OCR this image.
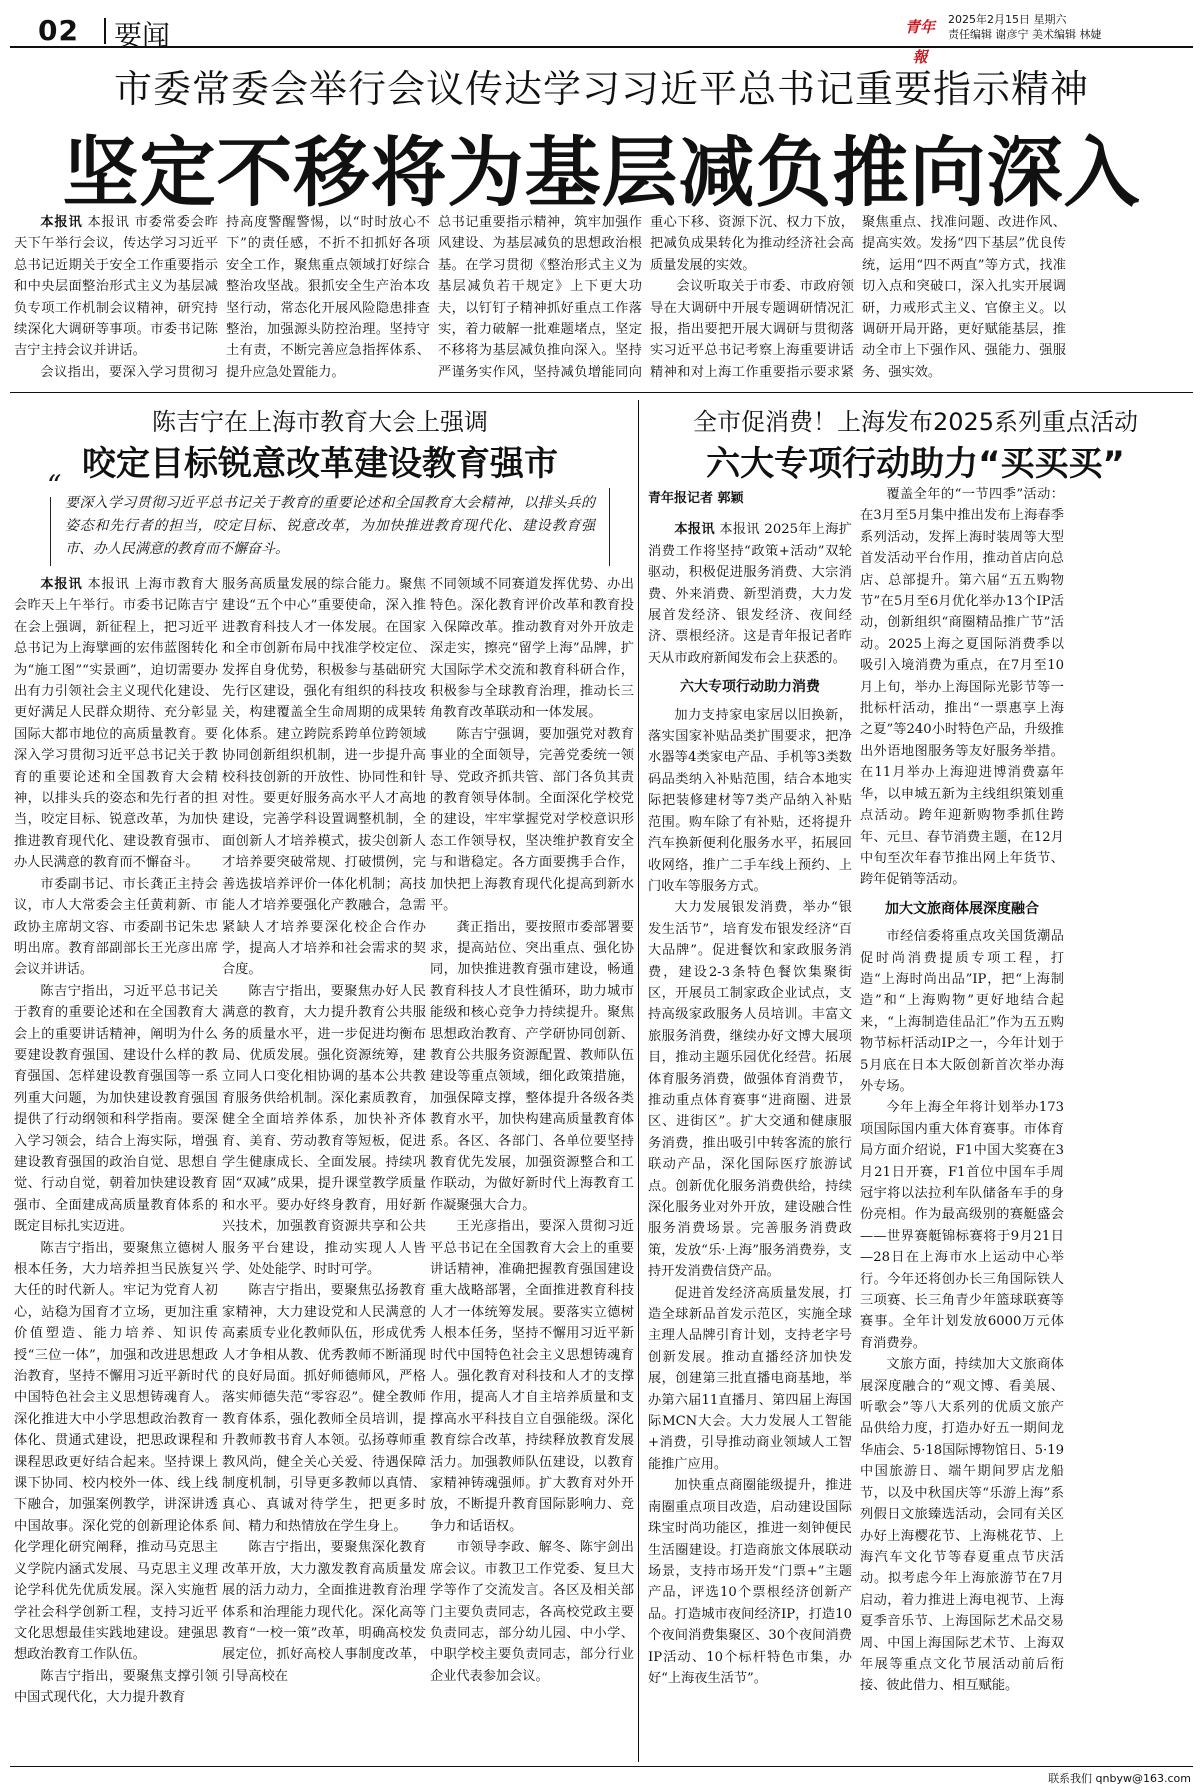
02 要闻	青年報
2025年2月15日 星期六
责任编辑 谢彦宁 美术编辑 林婕
市委常委会举行会议传达学习习近平总书记重要指示精神
坚定不移将为基层减负推向深入

本报讯 本报讯 市委常委会昨天下午举行会议，传达学习习近平总书记近期关于安全工作重要指示和中央层面整治形式主义为基层减负专项工作机制会议精神，研究持续深化大调研等事项。市委书记陈吉宁主持会议并讲话。

会议指出，要深入学习贯彻习

持高度警醒警惕，以“时时放心不下”的责任感，不折不扣抓好各项安全工作，聚焦重点领域打好综合整治攻坚战。狠抓安全生产治本攻坚行动，常态化开展风险隐患排查整治，加强源头防控治理。坚持守土有责，不断完善应急指挥体系、提升应急处置能力。

总书记重要指示精神，筑牢加强作风建设、为基层减负的思想政治根基。在学习贯彻《整治形式主义为基层减负若干规定》上下更大功夫，以钉钉子精神抓好重点工作落实，着力破解一批难题堵点，坚定不移将为基层减负推向深入。坚持严谨务实作风，坚持减负增能同向

重心下移、资源下沉、权力下放，把减负成果转化为推动经济社会高质量发展的实效。

会议听取关于市委、市政府领导在大调研中开展专题调研情况汇报，指出要把开展大调研与贯彻落实习近平总书记考察上海重要讲话精神和对上海工作重要指示要求紧

聚焦重点、找准问题、改进作风、提高实效。发扬“四下基层”优良传统，运用“四不两直”等方式，找准切入点和突破口，深入扎实开展调研，力戒形式主义、官僚主义。以调研开局开路，更好赋能基层，推动全市上下强作风、强能力、强服务、强实效。

陈吉宁在上海市教育大会上强调
咬定目标锐意改革建设教育强市
“
要深入学习贯彻习近平总书记关于教育的重要论述和全国教育大会精神，以排头兵的姿态和先行者的担当，咬定目标、锐意改革，为加快推进教育现代化、建设教育强市、办人民满意的教育而不懈奋斗。

本报讯 本报讯 上海市教育大会昨天上午举行。市委书记陈吉宁在会上强调，新征程上，把习近平总书记为上海擘画的宏伟蓝图转化为“施工图”“实景画”，迫切需要办出有力引领社会主义现代化建设、更好满足人民群众期待、充分彰显国际大都市地位的高质量教育。要深入学习贯彻习近平总书记关于教育的重要论述和全国教育大会精神，以排头兵的姿态和先行者的担当，咬定目标、锐意改革，为加快推进教育现代化、建设教育强市、办人民满意的教育而不懈奋斗。

市委副书记、市长龚正主持会议，市人大常委会主任黄莉新、市政协主席胡文容、市委副书记朱忠明出席。教育部副部长王光彦出席会议并讲话。

陈吉宁指出，习近平总书记关于教育的重要论述和在全国教育大会上的重要讲话精神，阐明为什么要建设教育强国、建设什么样的教育强国、怎样建设教育强国等一系列重大问题，为加快建设教育强国提供了行动纲领和科学指南。要深入学习领会，结合上海实际，增强建设教育强国的政治自觉、思想自觉、行动自觉，朝着加快建设教育强市、全面建成高质量教育体系的既定目标扎实迈进。

陈吉宁指出，要聚焦立德树人根本任务，大力培养担当民族复兴大任的时代新人。牢记为党育人初心，站稳为国育才立场，更加注重价值塑造、能力培养、知识传授“三位一体”，加强和改进思想政治教育，坚持不懈用习近平新时代中国特色社会主义思想铸魂育人。深化推进大中小学思想政治教育一体化、贯通式建设，把思政课程和课程思政更好结合起来。坚持课上课下协同、校内校外一体、线上线下融合，加强案例教学，讲深讲透中国故事。深化党的创新理论体系化学理化研究阐释，推动马克思主义学院内涵式发展、马克思主义理论学科优先优质发展。深入实施哲学社会科学创新工程，支持习近平文化思想最佳实践地建设。建强思想政治教育工作队伍。

陈吉宁指出，要聚焦支撑引领中国式现代化，大力提升教育

服务高质量发展的综合能力。聚焦建设“五个中心”重要使命，深入推进教育科技人才一体发展。在国家和全市创新布局中找准学校定位、发挥自身优势，积极参与基础研究先行区建设，强化有组织的科技攻关，构建覆盖全生命周期的成果转化体系。建立跨院系跨单位跨领域协同创新组织机制，进一步提升高校科技创新的开放性、协同性和针对性。要更好服务高水平人才高地建设，完善学科设置调整机制，全面创新人才培养模式，拔尖创新人才培养要突破常规、打破惯例，完善选拔培养评价一体化机制；高技能人才培养要强化产教融合，急需紧缺人才培养要深化校企合作办学，提高人才培养和社会需求的契合度。

陈吉宁指出，要聚焦办好人民满意的教育，大力提升教育公共服务的质量水平，进一步促进均衡布局、优质发展。强化资源统筹，建立同人口变化相协调的基本公共教育服务供给机制。深化素质教育，健全全面培养体系，加快补齐体育、美育、劳动教育等短板，促进学生健康成长、全面发展。持续巩固“双减”成果，提升课堂教学质量和水平。要办好终身教育，用好新兴技术，加强教育资源共享和公共服务平台建设，推动实现人人皆学、处处能学、时时可学。

陈吉宁指出，要聚焦弘扬教育家精神，大力建设党和人民满意的高素质专业化教师队伍，形成优秀人才争相从教、优秀教师不断涌现的良好局面。抓好师德师风，严格落实师德失范“零容忍”。健全教师教育体系，强化教师全员培训，提升教师教书育人本领。弘扬尊师重教风尚，健全关心关爱、待遇保障制度机制，引导更多教师以真情、真心、真诚对待学生，把更多时间、精力和热情放在学生身上。

陈吉宁指出，要聚焦深化教育改革开放，大力激发教育高质量发展的活力动力，全面推进教育治理体系和治理能力现代化。深化高等教育“一校一策”改革，明确高校发展定位，抓好高校人事制度改革，引导高校在

不同领域不同赛道发挥优势、办出特色。深化教育评价改革和教育投入保障改革。推动教育对外开放走深走实，擦亮“留学上海”品牌，扩大国际学术交流和教育科研合作，积极参与全球教育治理，推动长三角教育改革联动和一体发展。

陈吉宁强调，要加强党对教育事业的全面领导，完善党委统一领导、党政齐抓共管、部门各负其责的教育领导体制。全面深化学校党的建设，牢牢掌握党对学校意识形态工作领导权，坚决维护教育安全与和谐稳定。各方面要携手合作，加快把上海教育现代化提高到新水平。

龚正指出，要按照市委部署要求，提高站位、突出重点、强化协同，加快推进教育强市建设，畅通教育科技人才良性循环，助力城市能级和核心竞争力持续提升。聚焦思想政治教育、产学研协同创新、教育公共服务资源配置、教师队伍建设等重点领域，细化政策措施，加强保障支撑，整体提升各级各类教育水平，加快构建高质量教育体系。各区、各部门、各单位要坚持教育优先发展，加强资源整合和工作联动，为做好新时代上海教育工作凝聚强大合力。

王光彦指出，要深入贯彻习近平总书记在全国教育大会上的重要讲话精神，准确把握教育强国建设重大战略部署，全面推进教育科技人才一体统筹发展。要落实立德树人根本任务，坚持不懈用习近平新时代中国特色社会主义思想铸魂育人。强化教育对科技和人才的支撑作用，提高人才自主培养质量和支撑高水平科技自立自强能级。深化教育综合改革，持续释放教育发展活力。加强教师队伍建设，以教育家精神铸魂强师。扩大教育对外开放，不断提升教育国际影响力、竞争力和话语权。

市领导李政、解冬、陈宇剑出席会议。市教卫工作党委、复旦大学等作了交流发言。各区及相关部门主要负责同志，各高校党政主要负责同志，部分幼儿园、中小学、中职学校主要负责同志，部分行业企业代表参加会议。

全市促消费！上海发布2025系列重点活动
六大专项行动助力“买买买”

青年报记者 郭颖

本报讯 本报讯 2025年上海扩消费工作将坚持“政策+活动”双轮驱动，积极促进服务消费、大宗消费、外来消费、新型消费，大力发展首发经济、银发经济、夜间经济、票根经济。这是青年报记者昨天从市政府新闻发布会上获悉的。

六大专项行动助力消费

加力支持家电家居以旧换新，落实国家补贴品类扩围要求，把净水器等4类家电产品、手机等3类数码品类纳入补贴范围，结合本地实际把装修建材等7类产品纳入补贴范围。购车除了有补贴，还将提升汽车换新便利化服务水平，拓展回收网络，推广二手车线上预约、上门收车等服务方式。

大力发展银发消费，举办“银发生活节”，培育发布银发经济“百大品牌”。促进餐饮和家政服务消费，建设2-3条特色餐饮集聚街区，开展员工制家政企业试点，支持高级家政服务人员培训。丰富文旅服务消费，继续办好文博大展项目，推动主题乐园优化经营。拓展体育服务消费，做强体育消费节，推动重点体育赛事“进商圈、进景区、进街区”。扩大交通和健康服务消费，推出吸引中转客流的旅行联动产品，深化国际医疗旅游试点。创新优化服务消费供给，持续深化服务业对外开放，建设融合性服务消费场景。完善服务消费政策，发放“乐·上海”服务消费券，支持开发消费信贷产品。

促进首发经济高质量发展，打造全球新品首发示范区，实施全球主理人品牌引育计划，支持老字号创新发展。推动直播经济加快发展，创建第三批直播电商基地，举办第六届11直播月、第四届上海国际MCN大会。大力发展人工智能+消费，引导推动商业领域人工智能推广应用。

加快重点商圈能级提升，推进南圈重点项目改造，启动建设国际珠宝时尚功能区，推进一刻钟便民生活圈建设。打造商旅文体展联动场景，支持市场开发“门票+”主题产品，评选10个票根经济创新产品。打造城市夜间经济IP，打造10个夜间消费集聚区、30个夜间消费IP活动、10个标杆特色市集，办好“上海夜生活节”。

覆盖全年的“一节四季”活动：在3月至5月集中推出发布上海春季系列活动，发挥上海时装周等大型首发活动平台作用，推动首店向总店、总部提升。第六届“五五购物节”在5月至6月优化举办13个IP活动，创新组织“商圈精品推广节”活动。2025上海之夏国际消费季以吸引入境消费为重点，在7月至10月上旬，举办上海国际光影节等一批标杆活动，推出“一票惠享上海之夏”等240小时特色产品，升级推出外语地图服务等友好服务举措。在11月举办上海迎进博消费嘉年华，以申城五新为主线组织策划重点活动。跨年迎新购物季抓住跨年、元旦、春节消费主题，在12月中旬至次年春节推出网上年货节、跨年促销等活动。

加大文旅商体展深度融合

市经信委将重点攻关国货潮品促时尚消费提质专项工程，打造“上海时尚出品”IP，把“上海制造”和“上海购物”更好地结合起来，“上海制造佳品汇”作为五五购物节标杆活动IP之一，今年计划于5月底在日本大阪创新首次举办海外专场。

今年上海全年将计划举办173项国际国内重大体育赛事。市体育局方面介绍说，F1中国大奖赛在3月21日开赛，F1首位中国车手周冠宇将以法拉利车队储备车手的身份亮相。作为最高级别的赛艇盛会——世界赛艇锦标赛将于9月21日—28日在上海市水上运动中心举行。今年还将创办长三角国际铁人三项赛、长三角青少年篮球联赛等赛事。全年计划发放6000万元体育消费券。

文旅方面，持续加大文旅商体展深度融合的“观文博、看美展、听歌会”等八大系列的优质文旅产品供给力度，打造办好五一期间龙华庙会、5·18国际博物馆日、5·19中国旅游日、端午期间罗店龙船节，以及中秋国庆等“乐游上海”系列假日文旅臻选活动，会同有关区办好上海樱花节、上海桃花节、上海汽车文化节等春夏重点节庆活动。拟考虑今年上海旅游节在7月启动，着力推进上海电视节、上海夏季音乐节、上海国际艺术品交易周、中国上海国际艺术节、上海双年展等重点文化节展活动前后衔接、彼此借力、相互赋能。

联系我们 qnbyw@163.com
